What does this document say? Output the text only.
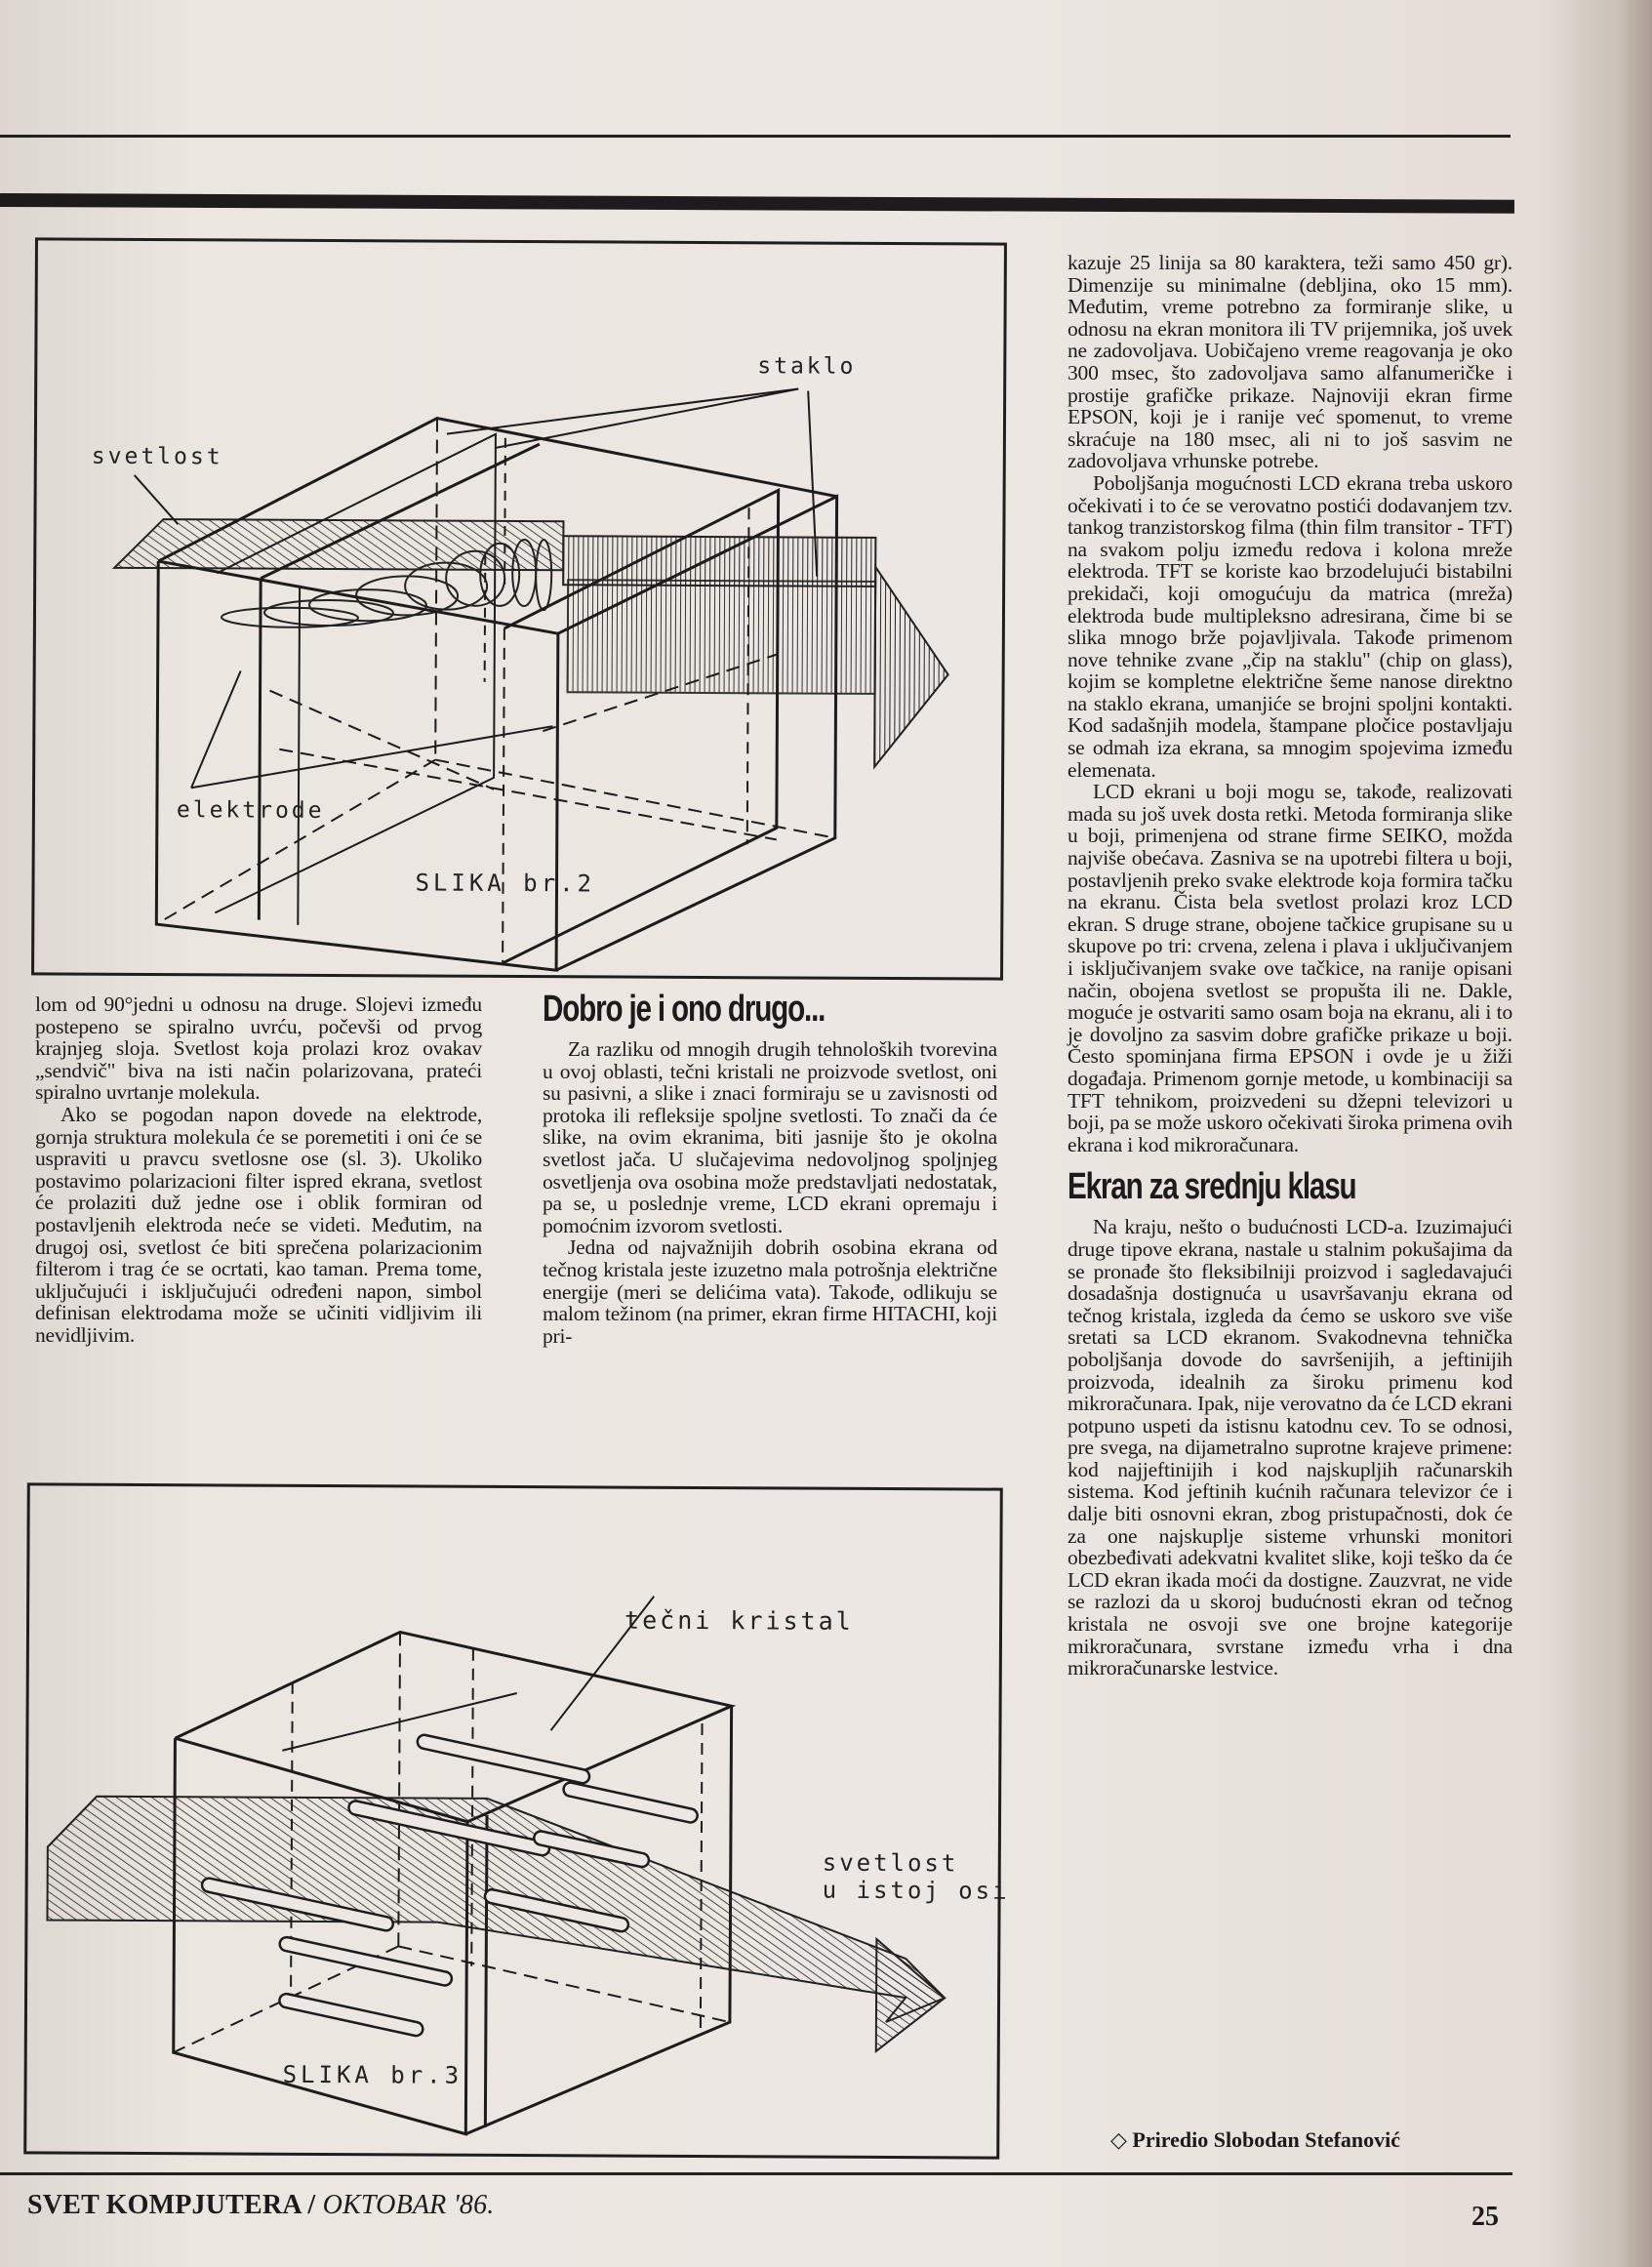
staklo
svetlost
elektrode
SLIKA br.2
tečni kristal
svetlost
u istoj osi
SLIKA br.3

lom od 90°jedni u odnosu na druge. Slojevi između postepeno se spiralno uvrću, počevši od prvog krajnjeg sloja. Svetlost koja prolazi kroz ovakav „sendvič" biva na isti način polarizovana, prateći spiralno uvrtanje molekula.

Ako se pogodan napon dovede na elektrode, gornja struktura molekula će se poremetiti i oni će se uspraviti u pravcu svetlosne ose (sl. 3). Ukoliko postavimo polarizacioni filter ispred ekrana, svetlost će prolaziti duž jedne ose i oblik formiran od postavljenih elektroda neće se videti. Međutim, na drugoj osi, svetlost će biti sprečena polarizacionim filterom i trag će se ocrtati, kao taman. Prema tome, uključujući i isključujući određeni napon, simbol definisan elektrodama može se učiniti vidljivim ili nevidljivim.

Dobro je i ono drugo...

Za razliku od mnogih drugih tehnoloških tvorevina u ovoj oblasti, tečni kristali ne proizvode svetlost, oni su pasivni, a slike i znaci formiraju se u zavisnosti od protoka ili refleksije spoljne svetlosti. To znači da će slike, na ovim ekranima, biti jasnije što je okolna svetlost jača. U slučajevima nedovoljnog spoljnjeg osvetljenja ova osobina može predstavljati nedostatak, pa se, u poslednje vreme, LCD ekrani opremaju i pomoćnim izvorom svetlosti.

Jedna od najvažnijih dobrih osobina ekrana od tečnog kristala jeste izuzetno mala potrošnja električne energije (meri se delićima vata). Takođe, odlikuju se malom težinom (na primer, ekran firme HITACHI, koji pri-

kazuje 25 linija sa 80 karaktera, teži samo 450 gr). Dimenzije su minimalne (debljina, oko 15 mm). Međutim, vreme potrebno za formiranje slike, u odnosu na ekran monitora ili TV prijemnika, još uvek ne zadovoljava. Uobičajeno vreme reagovanja je oko 300 msec, što zadovoljava samo alfanumeričke i prostije grafičke prikaze. Najnoviji ekran firme EPSON, koji je i ranije već spomenut, to vreme skraćuje na 180 msec, ali ni to još sasvim ne zadovoljava vrhunske potrebe.

Poboljšanja mogućnosti LCD ekrana treba uskoro očekivati i to će se verovatno postići dodavanjem tzv. tankog tranzistorskog filma (thin film transitor - TFT) na svakom polju između redova i kolona mreže elektroda. TFT se koriste kao brzodelujući bistabilni prekidači, koji omogućuju da matrica (mreža) elektroda bude multipleksno adresirana, čime bi se slika mnogo brže pojavljivala. Takođe primenom nove tehnike zvane „čip na staklu" (chip on glass), kojim se kompletne električne šeme nanose direktno na staklo ekrana, umanjiće se brojni spoljni kontakti. Kod sadašnjih modela, štampane pločice postavljaju se odmah iza ekrana, sa mnogim spojevima između elemenata.

LCD ekrani u boji mogu se, takođe, realizovati mada su još uvek dosta retki. Metoda formiranja slike u boji, primenjena od strane firme SEIKO, možda najviše obećava. Zasniva se na upotrebi filtera u boji, postavljenih preko svake elektrode koja formira tačku na ekranu. Čista bela svetlost prolazi kroz LCD ekran. S druge strane, obojene tačkice grupisane su u skupove po tri: crvena, zelena i plava i uključivanjem i isključivanjem svake ove tačkice, na ranije opisani način, obojena svetlost se propušta ili ne. Dakle, moguće je ostvariti samo osam boja na ekranu, ali i to je dovoljno za sasvim dobre grafičke prikaze u boji. Često spominjana firma EPSON i ovde je u žiži događaja. Primenom gornje metode, u kombinaciji sa TFT tehnikom, proizvedeni su džepni televizori u boji, pa se može uskoro očekivati široka primena ovih ekrana i kod mikroračunara.

Ekran za srednju klasu

Na kraju, nešto o budućnosti LCD-a. Izuzimajući druge tipove ekrana, nastale u stalnim pokušajima da se pronađe što fleksibilniji proizvod i sagledavajući dosadašnja dostignuća u usavršavanju ekrana od tečnog kristala, izgleda da ćemo se uskoro sve više sretati sa LCD ekranom. Svakodnevna tehnička poboljšanja dovode do savršenijih, a jeftinijih proizvoda, idealnih za široku primenu kod mikroračunara. Ipak, nije verovatno da će LCD ekrani potpuno uspeti da istisnu katodnu cev. To se odnosi, pre svega, na dijametralno suprotne krajeve primene: kod najjeftinijih i kod najskupljih računarskih sistema. Kod jeftinih kućnih računara televizor će i dalje biti osnovni ekran, zbog pristupačnosti, dok će za one najskuplje sisteme vrhunski monitori obezbeđivati adekvatni kvalitet slike, koji teško da će LCD ekran ikada moći da dostigne. Zauzvrat, ne vide se razlozi da u skoroj budućnosti ekran od tečnog kristala ne osvoji sve one brojne kategorije mikroračunara, svrstane između vrha i dna mikroračunarske lestvice.

◇ Priredio Slobodan Stefanović
SVET KOMPJUTERA / OKTOBAR '86.	25
